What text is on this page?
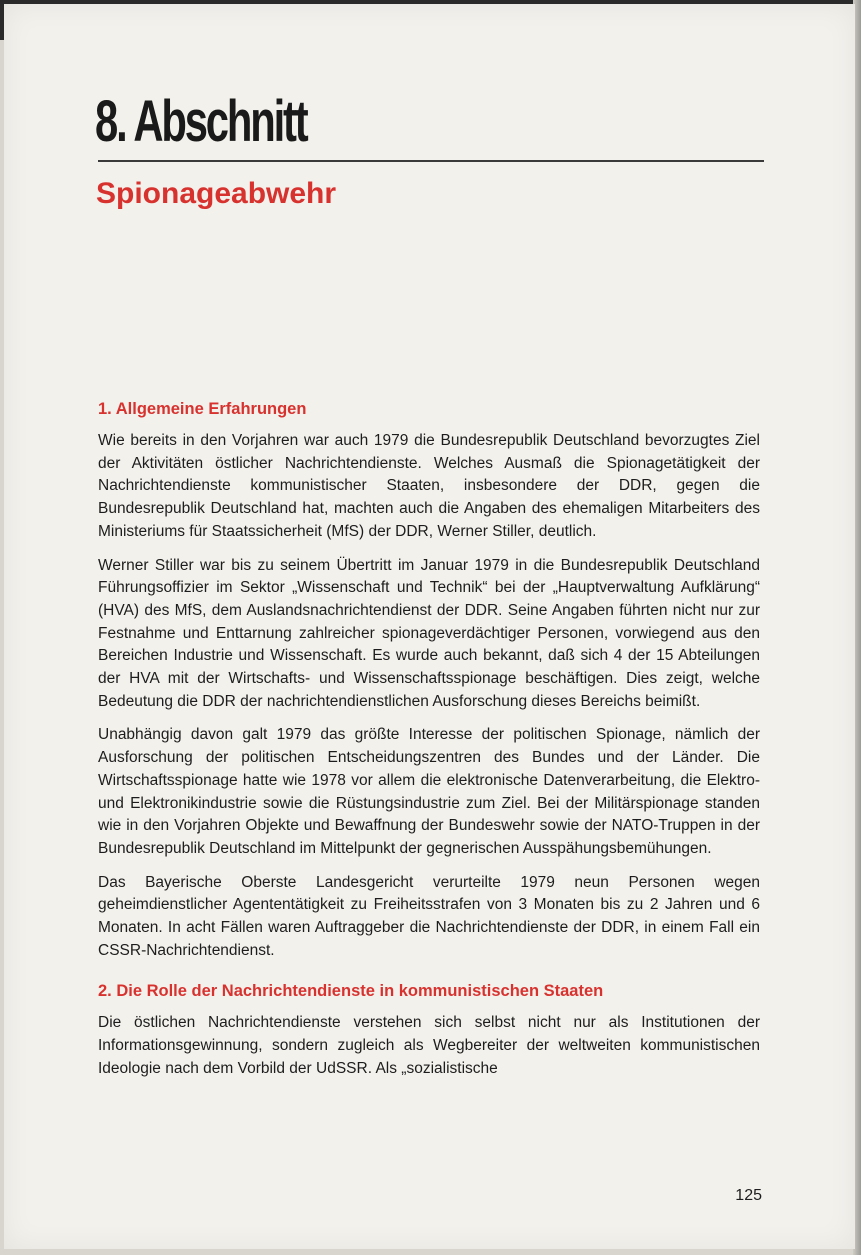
8. Abschnitt
Spionageabwehr
1. Allgemeine Erfahrungen

Wie bereits in den Vorjahren war auch 1979 die Bundesrepublik Deutschland bevorzugtes Ziel der Aktivitäten östlicher Nachrichtendienste. Welches Ausmaß die Spionagetätigkeit der Nachrichtendienste kommunistischer Staaten, insbesondere der DDR, gegen die Bundesrepublik Deutschland hat, machten auch die Angaben des ehemaligen Mitarbeiters des Ministeriums für Staatssicherheit (MfS) der DDR, Werner Stiller, deutlich.

Werner Stiller war bis zu seinem Übertritt im Januar 1979 in die Bundesrepublik Deutschland Führungsoffizier im Sektor „Wissenschaft und Technik“ bei der „Hauptverwaltung Aufklärung“ (HVA) des MfS, dem Auslandsnachrichtendienst der DDR. Seine Angaben führten nicht nur zur Festnahme und Enttarnung zahlreicher spionageverdächtiger Personen, vorwiegend aus den Bereichen Industrie und Wissenschaft. Es wurde auch bekannt, daß sich 4 der 15 Abteilungen der HVA mit der Wirtschafts- und Wissenschaftsspionage beschäftigen. Dies zeigt, welche Bedeutung die DDR der nachrichtendienstlichen Ausforschung dieses Bereichs beimißt.

Unabhängig davon galt 1979 das größte Interesse der politischen Spionage, nämlich der Ausforschung der politischen Entscheidungszentren des Bundes und der Länder. Die Wirtschaftsspionage hatte wie 1978 vor allem die elektronische Datenverarbeitung, die Elektro- und Elektronikindustrie sowie die Rüstungsindustrie zum Ziel. Bei der Militärspionage standen wie in den Vorjahren Objekte und Bewaffnung der Bundeswehr sowie der NATO-Truppen in der Bundesrepublik Deutschland im Mittelpunkt der gegnerischen Ausspähungsbemühungen.

Das Bayerische Oberste Landesgericht verurteilte 1979 neun Personen wegen geheimdienstlicher Agententätigkeit zu Freiheitsstrafen von 3 Monaten bis zu 2 Jahren und 6 Monaten. In acht Fällen waren Auftraggeber die Nachrichtendienste der DDR, in einem Fall ein CSSR-Nachrichtendienst.

2. Die Rolle der Nachrichtendienste in kommunistischen Staaten

Die östlichen Nachrichtendienste verstehen sich selbst nicht nur als Institutionen der Informationsgewinnung, sondern zugleich als Wegbereiter der weltweiten kommunistischen Ideologie nach dem Vorbild der UdSSR. Als „sozialistische

125
